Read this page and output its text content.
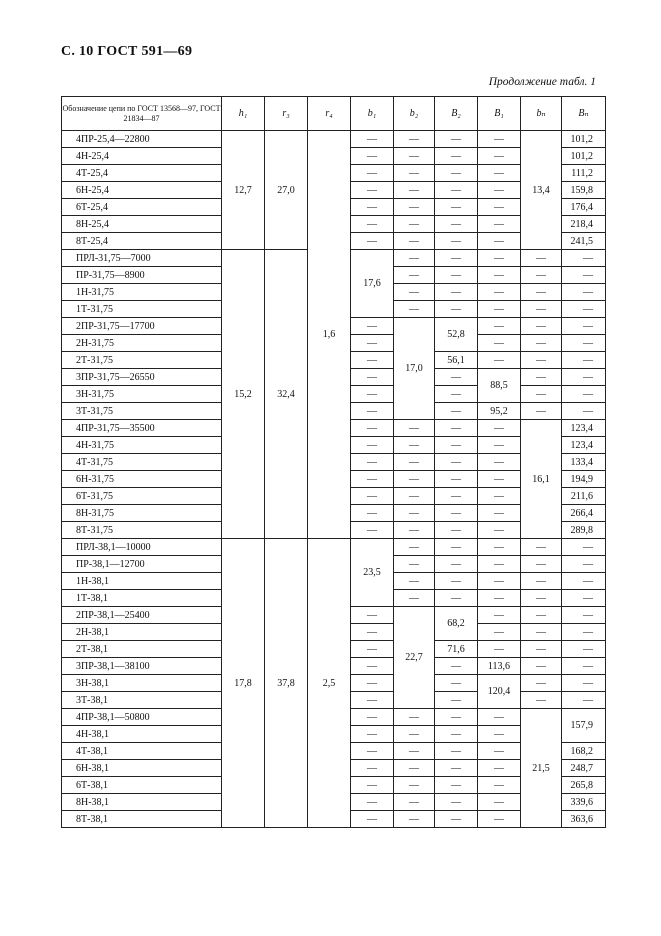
С. 10 ГОСТ 591—69
Продолжение табл. 1
Обозначение цепи по ГОСТ 13568—97, ГОСТ 21834—87	h₁	r₃	r₄	b₁	b₂	B₂	B₁	bₙ	Bₙ
4ПР-25,4—22800	12,7	27,0	1,6	—	—	—	—	13,4	101,2
4Н-25,4				—	—	—	—		101,2
4Т-25,4				—	—	—	—		111,2
6Н-25,4				—	—	—	—		159,8
6Т-25,4				—	—	—	—		176,4
8Н-25,4				—	—	—	—		218,4
8Т-25,4				—	—	—	—		241,5
ПРЛ-31,75—7000	15,2	32,4		17,6	—	—	—	—	—
ПР-31,75—8900					—	—	—	—	—
1Н-31,75					—	—	—	—	—
1Т-31,75					—	—	—	—	—
2ПР-31,75—17700				—	17,0	52,8	—	—	—
2Н-31,75				—			—	—	—
2Т-31,75				—		56,1	—	—	—
3ПР-31,75—26550				—		—	88,5	—	—
3Н-31,75				—		—		—	—
3Т-31,75				—		—	95,2	—	—
4ПР-31,75—35500				—	—	—	—	16,1	123,4
4Н-31,75				—	—	—	—		123,4
4Т-31,75				—	—	—	—		133,4
6Н-31,75				—	—	—	—		194,9
6Т-31,75				—	—	—	—		211,6
8Н-31,75				—	—	—	—		266,4
8Т-31,75				—	—	—	—		289,8
ПРЛ-38,1—10000	17,8	37,8	2,5	23,5	—	—	—	—	—
ПР-38,1—12700					—	—	—	—	—
1Н-38,1					—	—	—	—	—
1Т-38,1					—	—	—	—	—
2ПР-38,1—25400				—	22,7	68,2	—	—	—
2Н-38,1				—			—	—	—
2Т-38,1				—		71,6	—	—	—
3ПР-38,1—38100				—		—	113,6	—	—
3Н-38,1				—		—	120,4	—	—
3Т-38,1				—		—		—	—
4ПР-38,1—50800				—	—	—	—	21,5	157,9
4Н-38,1				—	—	—	—		
4Т-38,1				—	—	—	—		168,2
6Н-38,1				—	—	—	—		248,7
6Т-38,1				—	—	—	—		265,8
8Н-38,1				—	—	—	—		339,6
8Т-38,1				—	—	—	—		363,6
